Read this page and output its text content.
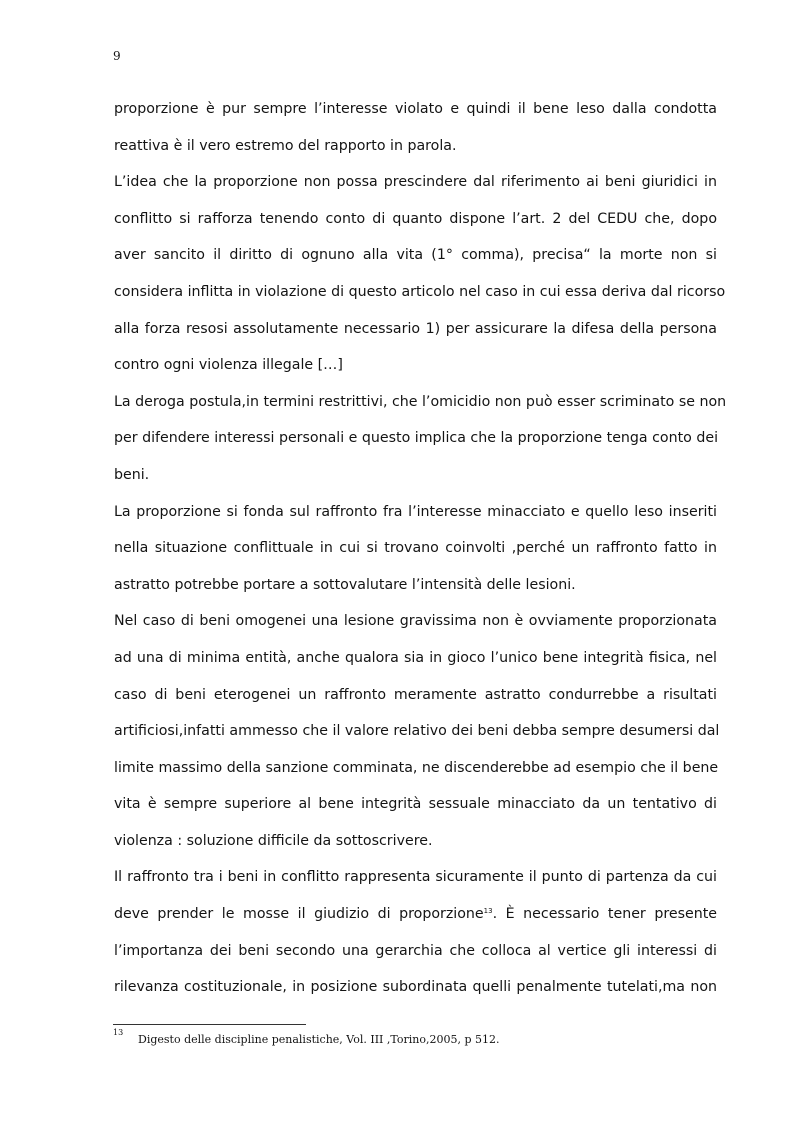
9
proporzione è pur sempre l’interesse violato e quindi il bene leso dalla condotta
reattiva è il vero estremo del rapporto in parola.
L’idea che la proporzione non possa prescindere dal riferimento ai beni giuridici in
conflitto si rafforza tenendo conto di quanto dispone l’art. 2 del CEDU che, dopo
aver sancito il diritto di ognuno alla vita (1° comma), precisa“ la morte non si
considera inflitta in violazione di questo articolo nel caso in cui essa deriva dal ricorso
alla forza resosi assolutamente necessario 1) per assicurare la difesa della persona
contro ogni violenza illegale […]
La deroga postula,in termini restrittivi, che l’omicidio non può esser scriminato se non
per difendere interessi personali e questo implica che la proporzione tenga conto dei
beni.
La proporzione si fonda sul raffronto fra l’interesse minacciato e quello leso inseriti
nella situazione conflittuale in cui si trovano coinvolti ,perché un raffronto fatto in
astratto potrebbe portare a sottovalutare l’intensità delle lesioni.
Nel caso di beni omogenei una lesione gravissima non è ovviamente proporzionata
ad una di minima entità, anche qualora sia in gioco l’unico bene integrità fisica, nel
caso di beni eterogenei un raffronto meramente astratto condurrebbe a risultati
artificiosi,infatti ammesso che il valore relativo dei beni debba sempre desumersi dal
limite massimo della sanzione comminata, ne discenderebbe ad esempio che il bene
vita è sempre superiore al bene integrità sessuale minacciato da un tentativo di
violenza : soluzione difficile da sottoscrivere.
Il raffronto tra i beni in conflitto rappresenta sicuramente il punto di partenza da cui
deve prender le mosse il giudizio di proporzione$^{13}$. È necessario tener presente
l’importanza dei beni secondo una gerarchia che colloca al vertice gli interessi di
rilevanza costituzionale, in posizione subordinata quelli penalmente tutelati,ma non
13
Digesto delle discipline penalistiche, Vol. III ,Torino,2005, p 512.
